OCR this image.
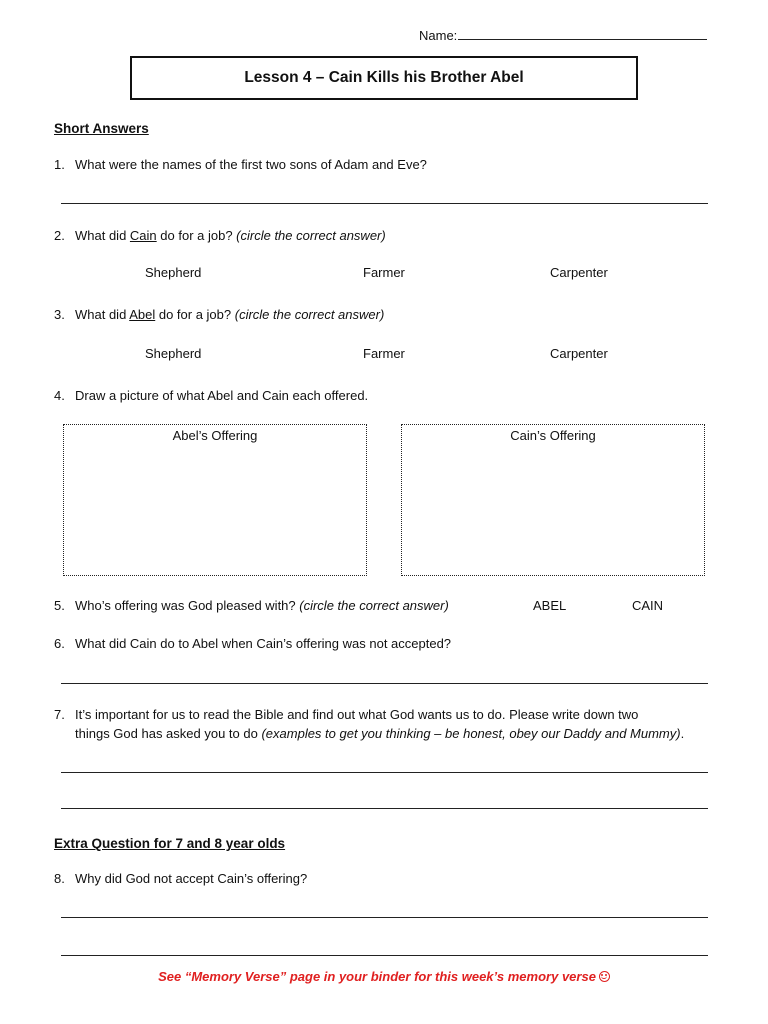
Name:
Lesson 4 – Cain Kills his Brother Abel
Short Answers
1. What were the names of the first two sons of Adam and Eve?
2. What did Cain do for a job? (circle the correct answer)
Shepherd	Farmer	Carpenter
3. What did Abel do for a job? (circle the correct answer)
Shepherd	Farmer	Carpenter
4. Draw a picture of what Abel and Cain each offered.
Abel’s Offering	Cain’s Offering
5. Who’s offering was God pleased with? (circle the correct answer)	ABEL	CAIN
6. What did Cain do to Abel when Cain’s offering was not accepted?
7. It’s important for us to read the Bible and find out what God wants us to do. Please write down two
things God has asked you to do (examples to get you thinking – be honest, obey our Daddy and Mummy).
Extra Question for 7 and 8 year olds
8. Why did God not accept Cain’s offering?
See “Memory Verse” page in your binder for this week’s memory verse
